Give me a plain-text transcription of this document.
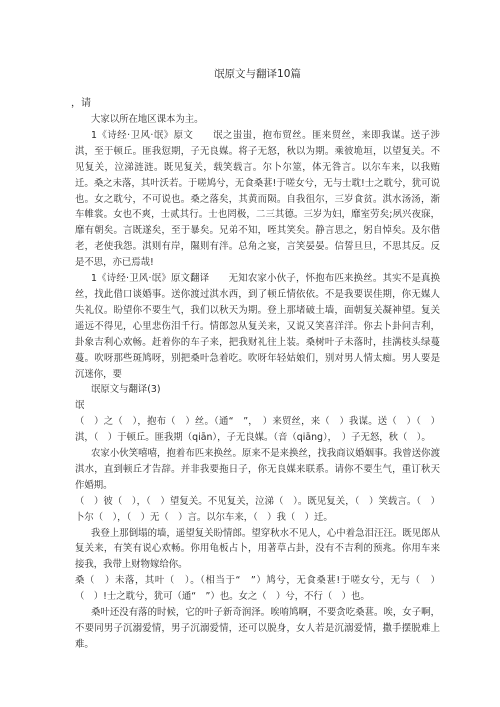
氓原文与翻译10篇
，请

大家以所在地区课本为主。

1《诗经·卫风·氓》原文　　氓之蚩蚩，抱布贸丝。匪来贸丝，来即我谋。送子涉淇，至于顿丘。匪我愆期，子无良媒。将子无怒，秋以为期。乘彼垝垣，以望复关。不见复关，泣涕涟涟。既见复关，载笑载言。尔卜尔筮，体无咎言。以尔车来，以我贿迁。桑之未落，其叶沃若。于嗟鸠兮，无食桑葚!于嗟女兮，无与士耽!士之耽兮，犹可说也。女之耽兮，不可说也。桑之落矣，其黄而陨。自我徂尔，三岁食贫。淇水汤汤，渐车帷裳。女也不爽，士贰其行。士也罔极，二三其德。三岁为妇，靡室劳矣;夙兴夜寐，靡有朝矣。言既遂矣，至于暴矣。兄弟不知，咥其笑矣。静言思之，躬自悼矣。及尔偕老，老使我怨。淇则有岸，隰则有泮。总角之宴，言笑晏晏。信誓旦旦，不思其反。反是不思，亦已焉哉!

1《诗经·卫风·氓》原文翻译　　无知农家小伙子，怀抱布匹来换丝。其实不是真换丝，找此借口谈婚事。送你渡过淇水西，到了顿丘情依依。不是我要误佳期，你无媒人失礼仪。盼望你不要生气，我们以秋天为期。登上那堵破土墙，面朝复关凝神望。复关遥远不得见，心里悲伤泪千行。情郎忽从复关来，又说又笑喜洋洋。你去卜卦问吉利，卦象吉利心欢畅。赶着你的车子来，把我财礼往上装。桑树叶子未落时，挂满枝头绿蔓蔓。吹呀那些斑鸠呀，别把桑叶急着吃。吹呀年轻姑娘们，别对男人情太痴。男人要是沉迷你，要

氓原文与翻译(3)

氓

（　）之（　），抱布（　）丝。（通“　”，　）来贸丝，来（　）我谋。送（　）（　）淇，（　）于顿丘。匪我期（qiān），子无良媒。（音（qiāng），　）子无怒，秋（　）。

农家小伙笑嘻嘻，抱着布匹来换丝。原来不是来换丝，找我商议婚姻事。我曾送你渡淇水，直到顿丘才告辞。并非我要拖日子，你无良媒来联系。请你不要生气，重订秋天作婚期。

（　）彼（　），（　）望复关。不见复关，泣涕（　）。既见复关，（　）笑载言。（　）卜尔（　），（　）无（　）言。以尔车来，（　）我（　）迁。

我登上那倒塌的墙，遥望复关盼情郎。望穿秋水不见人，心中着急泪汪汪。既见郎从复关来，有笑有说心欢畅。你用龟板占卜，用著草占卦，没有不吉利的预兆。你用车来接我，我带上财物嫁给你。

桑（　）未落，其叶（　）。（相当于“　”）鸠兮，无食桑葚!于嗟女兮，无与（　）（　）!士之耽兮，犹可（通“　”）也。女之（　）兮，不行（　）也。

桑叶还没有落的时候，它的叶子新奇润泽。唉唷鸠啊，不要贪吃桑葚。唉，女子啊，不要同男子沉溺爱情，男子沉溺爱情，还可以脱身，女人若是沉溺爱情，撒手摆脱难上难。
